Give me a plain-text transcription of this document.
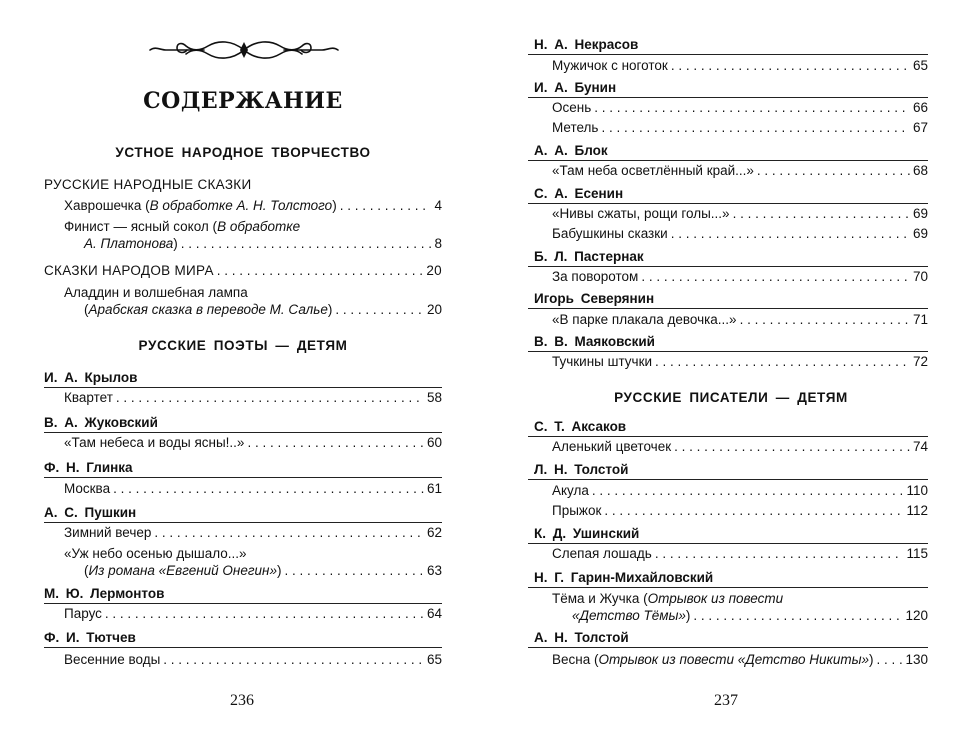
СОДЕРЖАНИЕ
УСТНОЕ НАРОДНОЕ ТВОРЧЕСТВО
РУССКИЕ НАРОДНЫЕ СКАЗКИ
Хаврошечка (В обработке А. Н. Толстого) . . .	4
Финист — ясный сокол (В обработке
А. Платонова) . . .	8
СКАЗКИ НАРОДОВ МИРА . . .	20
Аладдин и волшебная лампа
(Арабская сказка в переводе М. Салье) . . .	20
РУССКИЕ ПОЭТЫ — ДЕТЯМ
И. А. Крылов
Квартет . . .	58
В. А. Жуковский
«Там небеса и воды ясны!..» . . .	60
Ф. Н. Глинка
Москва . . .	61
А. С. Пушкин
Зимний вечер . . .	62
«Уж небо осенью дышало...»
(Из романа «Евгений Онегин») . . .	63
М. Ю. Лермонтов
Парус . . .	64
Ф. И. Тютчев
Весенние воды . . .	65
236
Н. А. Некрасов
Мужичок с ноготок . . .	65
И. А. Бунин
Осень . . .	66
Метель . . .	67
А. А. Блок
«Там неба осветлённый край...» . . .	68
С. А. Есенин
«Нивы сжаты, рощи голы...» . . .	69
Бабушкины сказки . . .	69
Б. Л. Пастернак
За поворотом . . .	70
Игорь Северянин
«В парке плакала девочка...» . . .	71
В. В. Маяковский
Тучкины штучки . . .	72
РУССКИЕ ПИСАТЕЛИ — ДЕТЯМ
С. Т. Аксаков
Аленький цветочек . . .	74
Л. Н. Толстой
Акула . . .	110
Прыжок . . .	112
К. Д. Ушинский
Слепая лошадь . . .	115
Н. Г. Гарин-Михайловский
Тёма и Жучка (Отрывок из повести
«Детство Тёмы») . . .	120
А. Н. Толстой
Весна (Отрывок из повести «Детство Никиты») . . . 130
237
